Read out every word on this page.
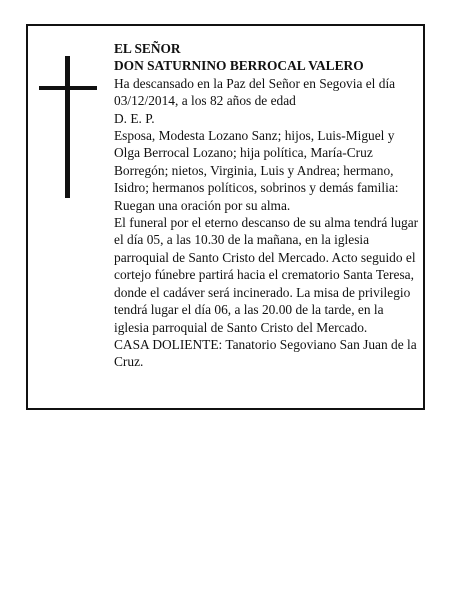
EL SEÑOR

DON SATURNINO BERROCAL VALERO

Ha descansado en la Paz del Señor en Segovia el día 03/12/2014, a los 82 años de edad

D. E. P.

Esposa, Modesta Lozano Sanz; hijos, Luis-Miguel y Olga Berrocal Lozano; hija política, María-Cruz Borregón; nietos, Virginia, Luis y Andrea; hermano, Isidro; hermanos políticos, sobrinos y demás familia:

Ruegan una oración por su alma.

El funeral por el eterno descanso de su alma tendrá lugar el día 05, a las 10.30 de la mañana, en la iglesia parroquial de Santo Cristo del Mercado. Acto seguido el cortejo fúnebre partirá hacia el crematorio Santa Teresa, donde el cadáver será incinerado. La misa de privilegio tendrá lugar el día 06, a las 20.00 de la tarde, en la iglesia parroquial de Santo Cristo del Mercado.

CASA DOLIENTE: Tanatorio Segoviano San Juan de la Cruz.
